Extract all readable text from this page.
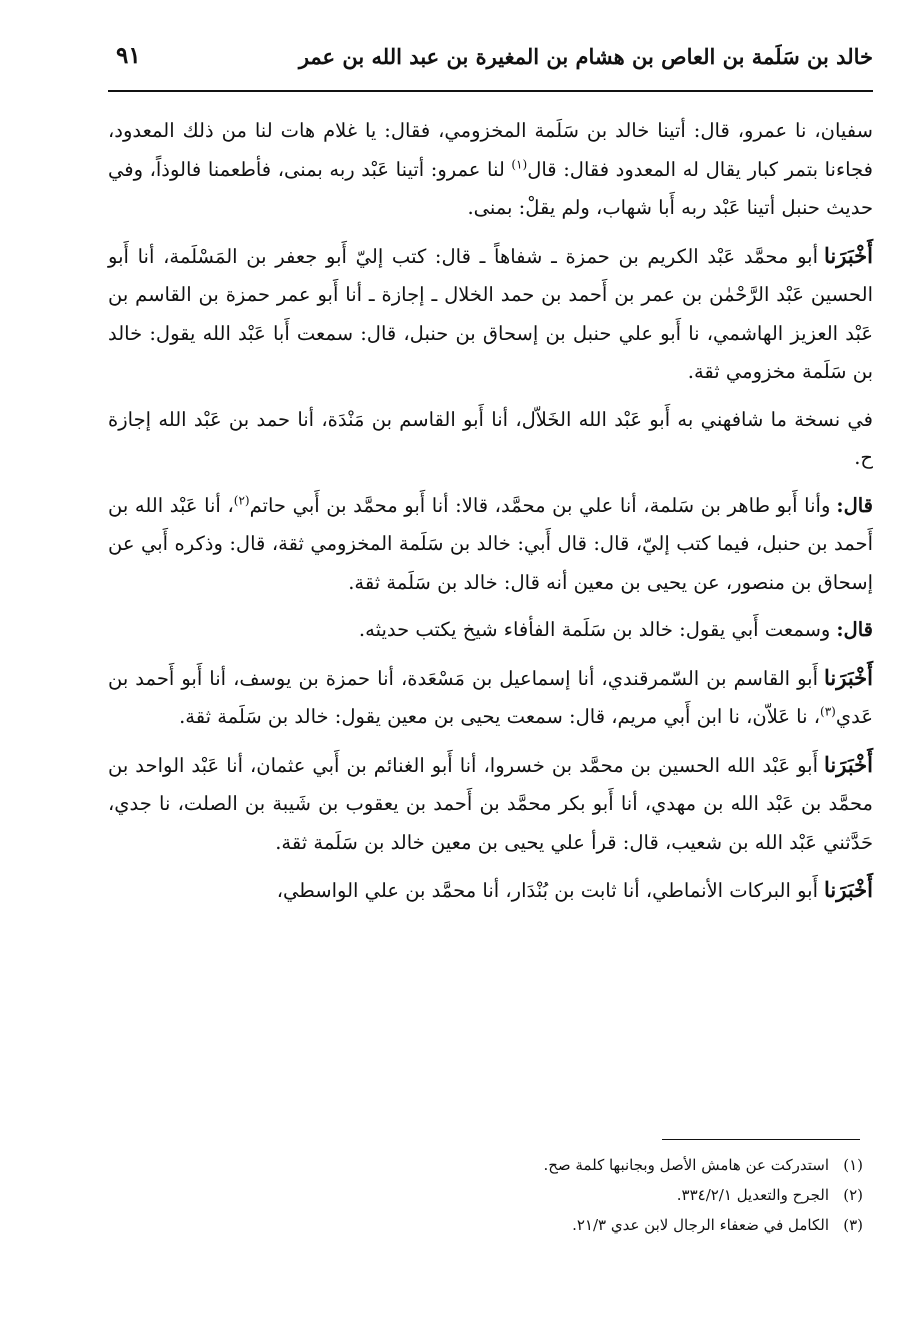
خالد بن سَلَمة بن العاص بن هشام بن المغيرة بن عبد الله بن عمر
٩١

سفيان، نا عمرو، قال: أتينا خالد بن سَلَمة المخزومي، فقال: يا غلام هات لنا من ذلك المعدود، فجاءنا بتمر كبار يقال له المعدود فقال: قال$^{(١)}$ لنا عمرو: أتينا عَبْد ربه بمنى، فأطعمنا فالوذاً، وفي حديث حنبل أتينا عَبْد ربه أَبا شهاب، ولم يقلْ: بمنى.

أَخْبَرَناأبو محمَّد عَبْد الكريم بن حمزة ـ شفاهاً ـ قال: كتب إليّ أَبو جعفر بن المَسْلَمة، أنا أَبو الحسين عَبْد الرَّحْمٰن بن عمر بن أَحمد بن حمد الخلال ـ إجازة ـ أنا أَبو عمر حمزة بن القاسم بن عَبْد العزيز الهاشمي، نا أَبو علي حنبل بن إسحاق بن حنبل، قال: سمعت أَبا عَبْد الله يقول: خالد بن سَلَمة مخزومي ثقة.

في نسخة ما شافهني به أَبو عَبْد الله الخَلاّل، أنا أَبو القاسم بن مَنْدَة، أنا حمد بن عَبْد الله إجازة ح.

قال:وأنا أَبو طاهر بن سَلمة، أنا علي بن محمَّد، قالا: أنا أَبو محمَّد بن أَبي حاتم$^{(٢)}$، أنا عَبْد الله بن أَحمد بن حنبل، فيما كتب إليّ، قال: قال أَبي: خالد بن سَلَمة المخزومي ثقة، قال: وذكره أَبي عن إسحاق بن منصور، عن يحيى بن معين أنه قال: خالد بن سَلَمة ثقة.

قال:وسمعت أَبي يقول: خالد بن سَلَمة الفأفاء شيخ يكتب حديثه.

أَخْبَرَناأَبو القاسم بن السّمرقندي، أنا إسماعيل بن مَسْعَدة، أنا حمزة بن يوسف، أنا أَبو أَحمد بن عَدي$^{(٣)}$، نا عَلاّن، نا ابن أَبي مريم، قال: سمعت يحيى بن معين يقول: خالد بن سَلَمة ثقة.

أَخْبَرَناأَبو عَبْد الله الحسين بن محمَّد بن خسروا، أنا أَبو الغنائم بن أَبي عثمان، أنا عَبْد الواحد بن محمَّد بن عَبْد الله بن مهدي، أنا أَبو بكر محمَّد بن أَحمد بن يعقوب بن شَيبة بن الصلت، نا جدي، حَدَّثني عَبْد الله بن شعيب، قال: قرأ علي يحيى بن معين خالد بن سَلَمة ثقة.

أَخْبَرَناأَبو البركات الأنماطي، أنا ثابت بن بُنْدَار، أنا محمَّد بن علي الواسطي،

(١)استدركت عن هامش الأصل وبجانبها كلمة صح.
(٢)الجرح والتعديل ٣٣٤/٢/١.
(٣)الكامل في ضعفاء الرجال لابن عدي ٢١/٣.
